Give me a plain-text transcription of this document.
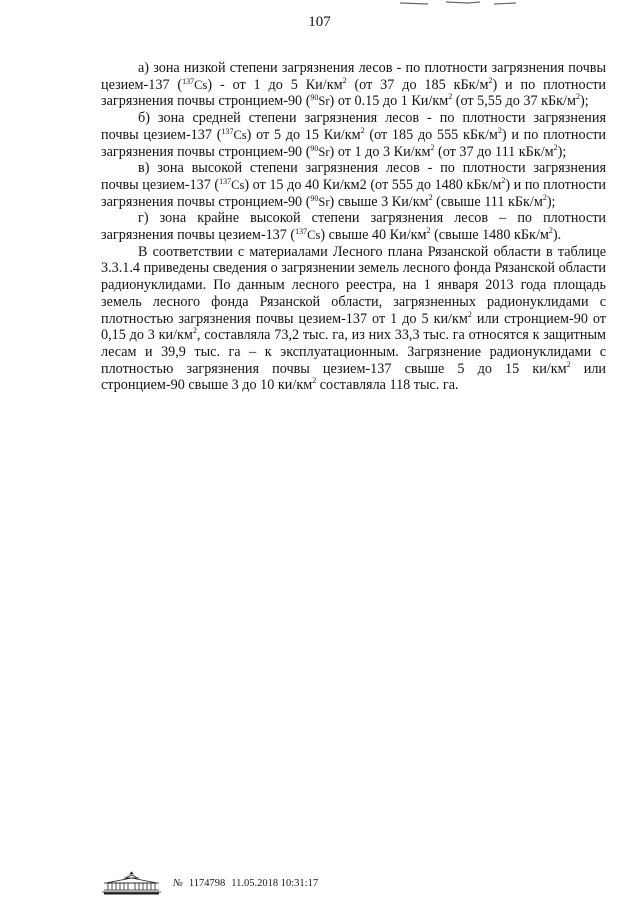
107

а) зона низкой степени загрязнения лесов - по плотности загрязнения почвы цезием-137 ($^{137}$Cs) - от 1 до 5 $Ки/км^2$ (от 37 до 185 кБк/$м^2$) и по плотности загрязнения почвы стронцием-90 ($^{90}$Sr) от 0.15 до 1 $Ки/км^2$ (от 5,55 до 37 кБк/$м^2$);

б) зона средней степени загрязнения лесов - по плотности загрязнения почвы цезием-137 ($^{137}$Cs) от 5 до 15 $Ки/км^2$ (от 185 до 555 кБк/$м^2$) и по плотности загрязнения почвы стронцием-90 ($^{90}$Sr) от 1 до 3 $Ки/км^2$ (от 37 до 111 кБк/$м^2$);

в) зона высокой степени загрязнения лесов - по плотности загрязнения почвы цезием-137 ($^{137}$Cs) от 15 до 40 Ки/км2 (от 555 до 1480 кБк/$м^2$) и по плотности загрязнения почвы стронцием-90 ($^{90}$Sr) свыше 3 $Ки/км^2$ (свыше 111 кБк/$м^2$);

г) зона крайне высокой степени загрязнения лесов – по плотности загрязнения почвы цезием-137 ($^{137}$Cs) свыше 40 $Ки/км^2$ (свыше 1480 кБк/$м^2$).

В соответствии с материалами Лесного плана Рязанской области в таблице 3.3.1.4 приведены сведения о загрязнении земель лесного фонда Рязанской области радионуклидами. По данным лесного реестра, на 1 января 2013 года площадь земель лесного фонда Рязанской области, загрязненных радионуклидами с плотностью загрязнения почвы цезием-137 от 1 до 5 $ки/км^2$ или стронцием-90 от 0,15 до 3 $ки/км^2$, составляла 73,2 тыс. га, из них 33,3 тыс. га относятся к защитным лесам и 39,9 тыс. га – к эксплуатационным. Загрязнение радионуклидами с плотностью загрязнения почвы цезием-137 свыше 5 до 15 $ки/км^2$ или стронцием-90 свыше 3 до 10 $ки/км^2$ составляла 118 тыс. га.

№ 1174798 11.05.2018 10:31:17
